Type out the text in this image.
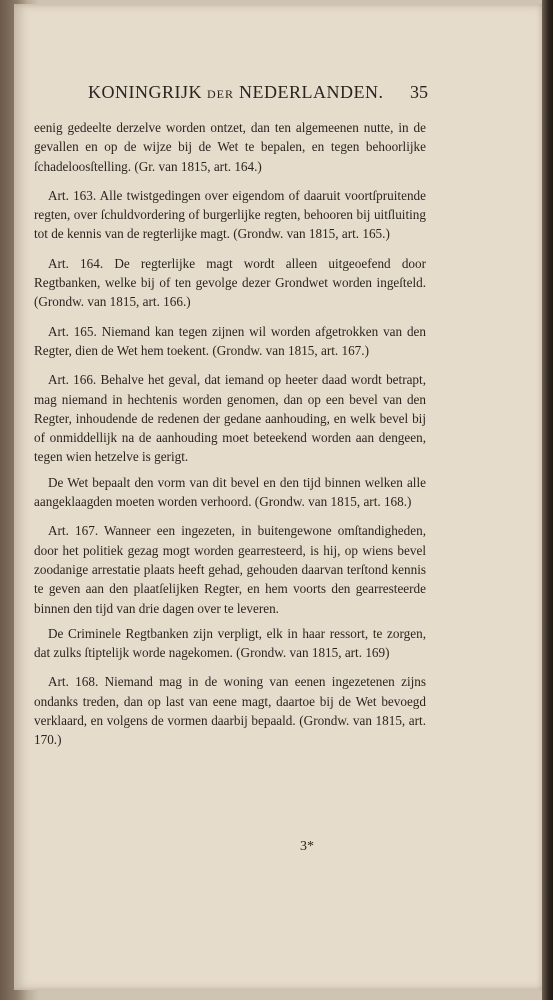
KONINGRIJK DER NEDERLANDEN. 35

eenig gedeelte derzelve worden ontzet, dan ten algemeenen nutte, in de gevallen en op de wijze bij de Wet te bepalen, en tegen behoorlijke ſchadeloosſtelling. (Gr. van 1815, art. 164.)

Art. 163. Alle twistgedingen over eigendom of daaruit voortſpruitende regten, over ſchuldvordering of burgerlijke regten, behooren bij uitſluiting tot de kennis van de regterlijke magt. (Grondw. van 1815, art. 165.)

Art. 164. De regterlijke magt wordt alleen uitgeoefend door Regtbanken, welke bij of ten gevolge dezer Grondwet worden ingeſteld. (Grondw. van 1815, art. 166.)

Art. 165. Niemand kan tegen zijnen wil worden afgetrokken van den Regter, dien de Wet hem toekent. (Grondw. van 1815, art. 167.)

Art. 166. Behalve het geval, dat iemand op heeter daad wordt betrapt, mag niemand in hechtenis worden genomen, dan op een bevel van den Regter, inhoudende de redenen der gedane aanhouding, en welk bevel bij of onmiddellijk na de aanhouding moet beteekend worden aan dengeen, tegen wien hetzelve is gerigt.

De Wet bepaalt den vorm van dit bevel en den tijd binnen welken alle aangeklaagden moeten worden verhoord. (Grondw. van 1815, art. 168.)

Art. 167. Wanneer een ingezeten, in buitengewone omſtandigheden, door het politiek gezag mogt worden gearresteerd, is hij, op wiens bevel zoodanige arrestatie plaats heeft gehad, gehouden daarvan terſtond kennis te geven aan den plaatſelijken Regter, en hem voorts den gearresteerde binnen den tijd van drie dagen over te leveren.

De Criminele Regtbanken zijn verpligt, elk in haar ressort, te zorgen, dat zulks ſtiptelijk worde nagekomen. (Grondw. van 1815, art. 169)

Art. 168. Niemand mag in de woning van eenen ingezetenen zijns ondanks treden, dan op last van eene magt, daartoe bij de Wet bevoegd verklaard, en volgens de vormen daarbij bepaald. (Grondw. van 1815, art. 170.)

3*
